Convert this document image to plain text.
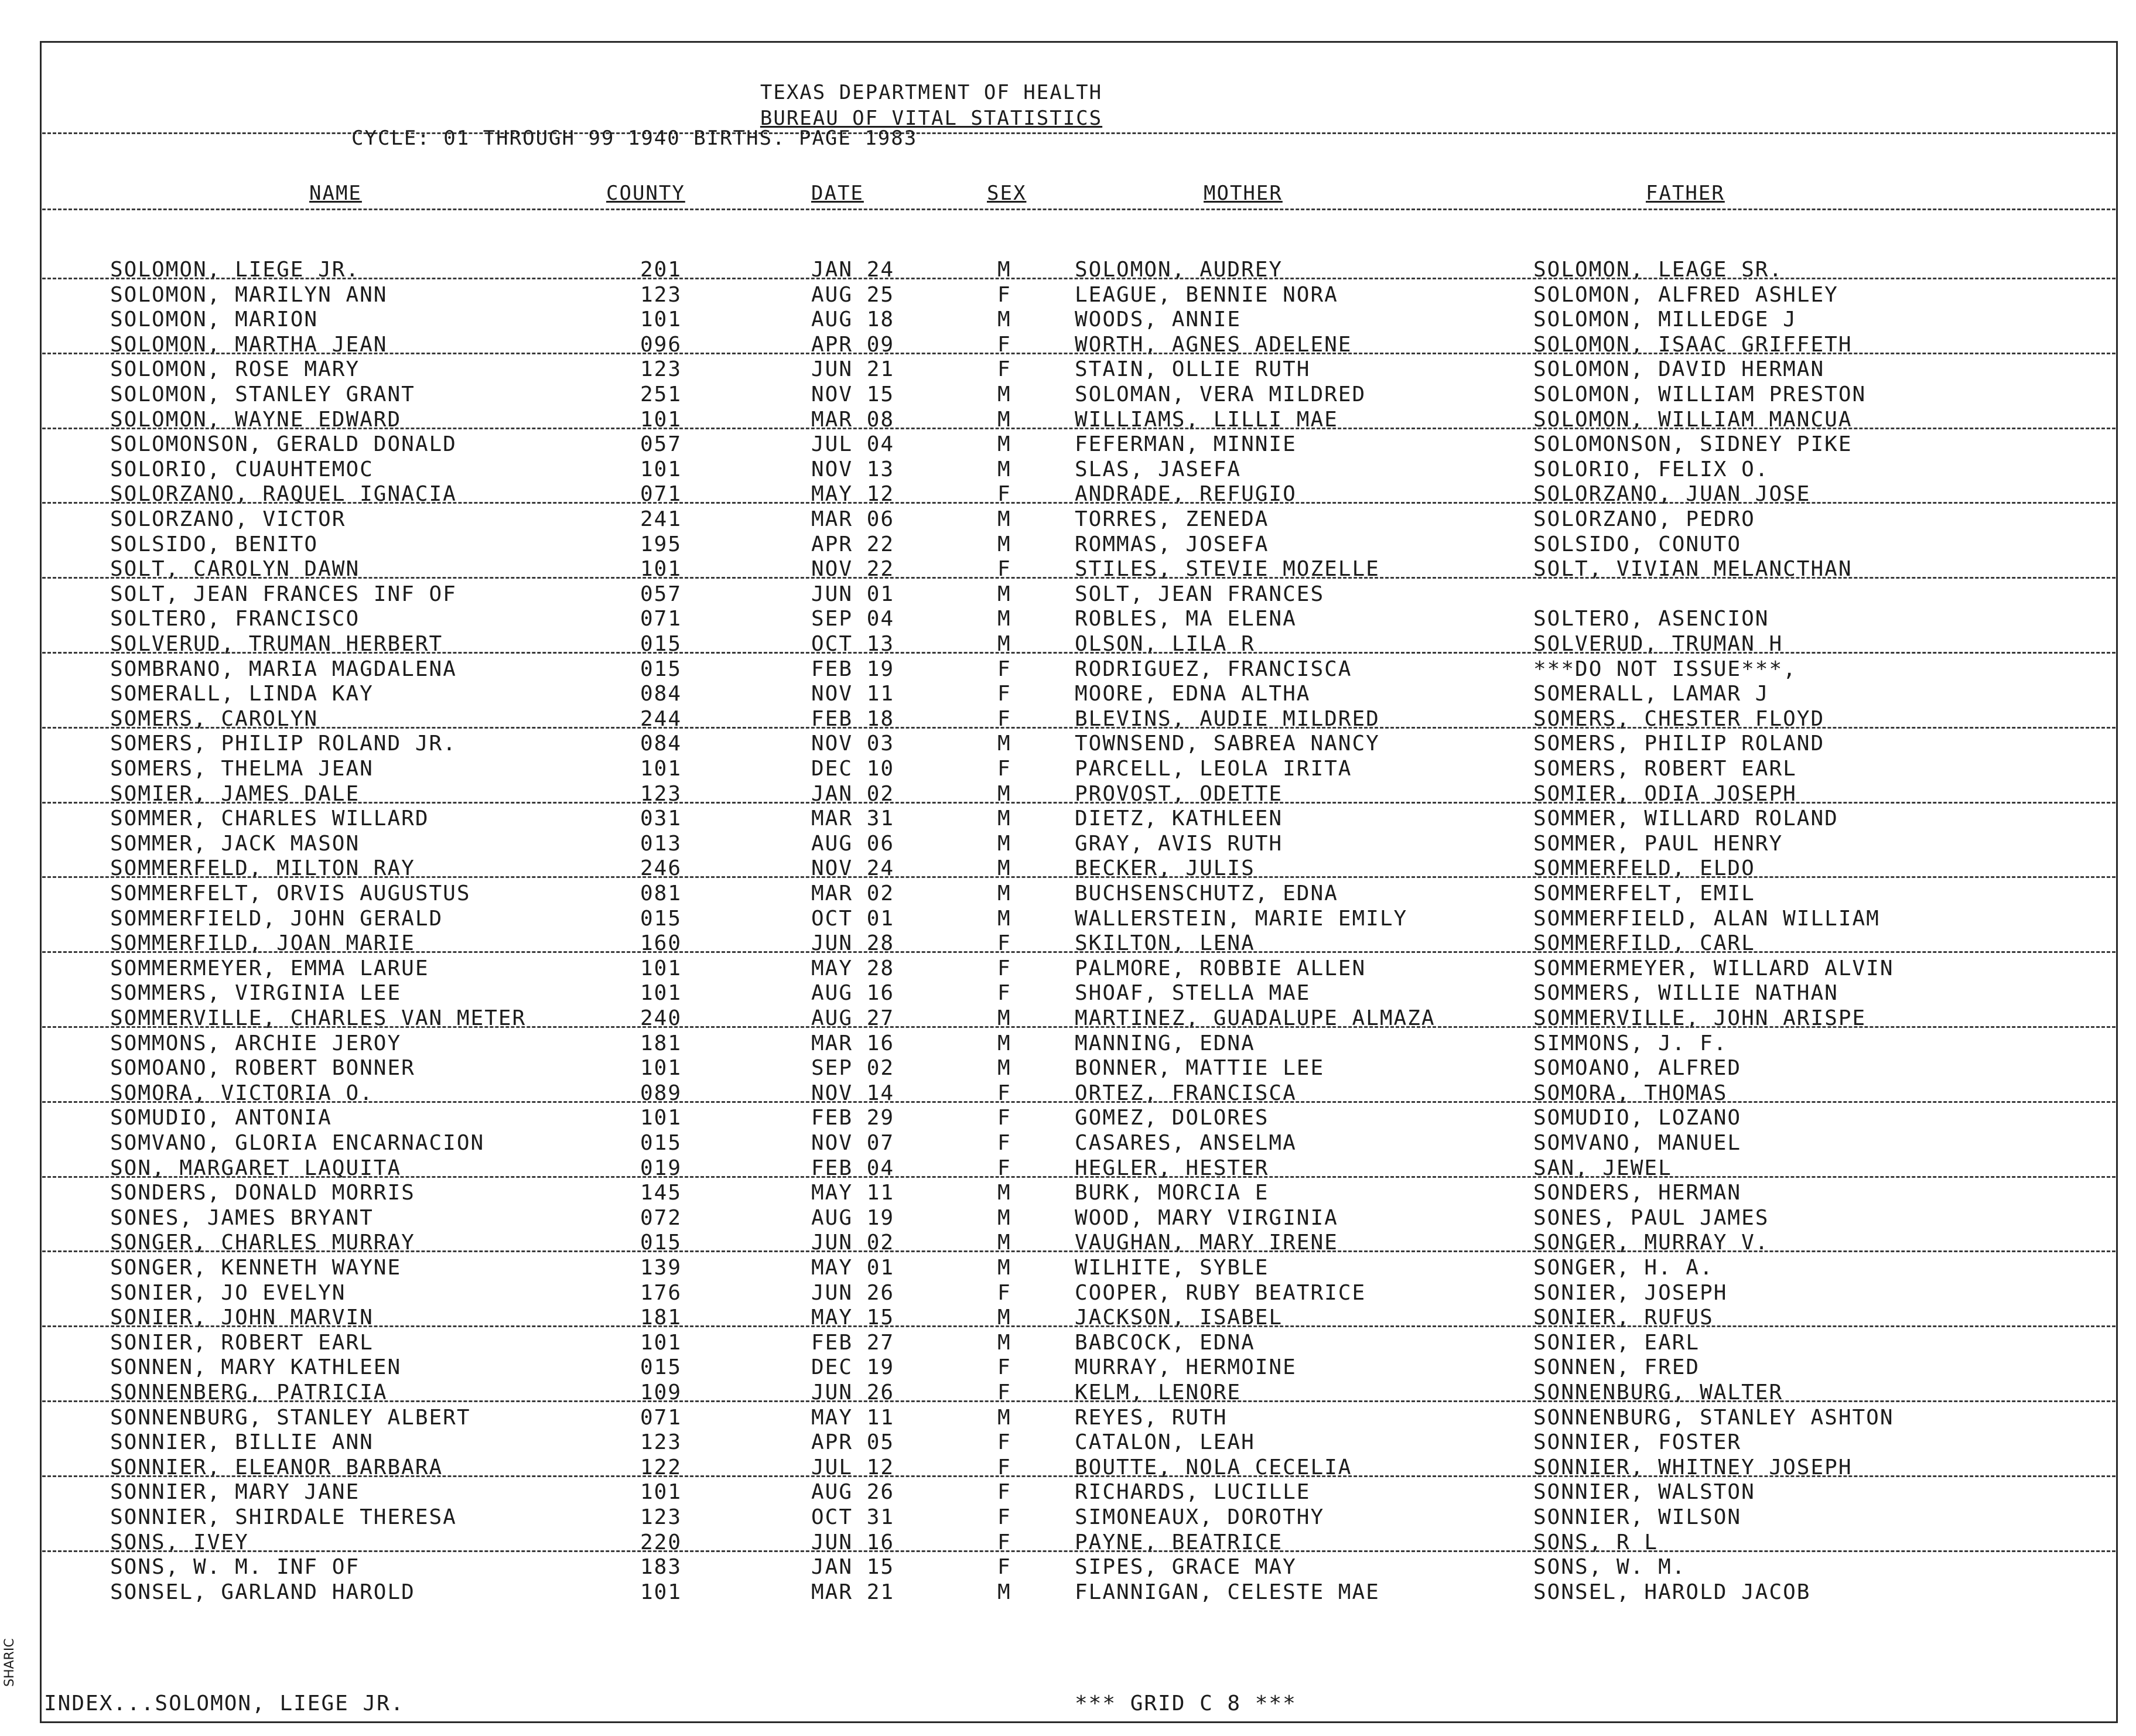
TEXAS DEPARTMENT OF HEALTH
BUREAU OF VITAL STATISTICS
CYCLE: 01 THROUGH 99 1940 BIRTHS. PAGE 1983
NAME	COUNTY	DATE	SEX	MOTHER	FATHER
SOLOMON, LIEGE JR.	201	JAN 24	M	SOLOMON, AUDREY	SOLOMON, LEAGE SR.
SOLOMON, MARILYN ANN	123	AUG 25	F	LEAGUE, BENNIE NORA	SOLOMON, ALFRED ASHLEY
SOLOMON, MARION	101	AUG 18	M	WOODS, ANNIE	SOLOMON, MILLEDGE J
SOLOMON, MARTHA JEAN	096	APR 09	F	WORTH, AGNES ADELENE	SOLOMON, ISAAC GRIFFETH
SOLOMON, ROSE MARY	123	JUN 21	F	STAIN, OLLIE RUTH	SOLOMON, DAVID HERMAN
SOLOMON, STANLEY GRANT	251	NOV 15	M	SOLOMAN, VERA MILDRED	SOLOMON, WILLIAM PRESTON
SOLOMON, WAYNE EDWARD	101	MAR 08	M	WILLIAMS, LILLI MAE	SOLOMON, WILLIAM MANCUA
SOLOMONSON, GERALD DONALD	057	JUL 04	M	FEFERMAN, MINNIE	SOLOMONSON, SIDNEY PIKE
SOLORIO, CUAUHTEMOC	101	NOV 13	M	SLAS, JASEFA	SOLORIO, FELIX O.
SOLORZANO, RAQUEL IGNACIA	071	MAY 12	F	ANDRADE, REFUGIO	SOLORZANO, JUAN JOSE
SOLORZANO, VICTOR	241	MAR 06	M	TORRES, ZENEDA	SOLORZANO, PEDRO
SOLSIDO, BENITO	195	APR 22	M	ROMMAS, JOSEFA	SOLSIDO, CONUTO
SOLT, CAROLYN DAWN	101	NOV 22	F	STILES, STEVIE MOZELLE	SOLT, VIVIAN MELANCTHAN
SOLT, JEAN FRANCES INF OF	057	JUN 01	M	SOLT, JEAN FRANCES
SOLTERO, FRANCISCO	071	SEP 04	M	ROBLES, MA ELENA	SOLTERO, ASENCION
SOLVERUD, TRUMAN HERBERT	015	OCT 13	M	OLSON, LILA R	SOLVERUD, TRUMAN H
SOMBRANO, MARIA MAGDALENA	015	FEB 19	F	RODRIGUEZ, FRANCISCA	***DO NOT ISSUE***,
SOMERALL, LINDA KAY	084	NOV 11	F	MOORE, EDNA ALTHA	SOMERALL, LAMAR J
SOMERS, CAROLYN	244	FEB 18	F	BLEVINS, AUDIE MILDRED	SOMERS, CHESTER FLOYD
SOMERS, PHILIP ROLAND JR.	084	NOV 03	M	TOWNSEND, SABREA NANCY	SOMERS, PHILIP ROLAND
SOMERS, THELMA JEAN	101	DEC 10	F	PARCELL, LEOLA IRITA	SOMERS, ROBERT EARL
SOMIER, JAMES DALE	123	JAN 02	M	PROVOST, ODETTE	SOMIER, ODIA JOSEPH
SOMMER, CHARLES WILLARD	031	MAR 31	M	DIETZ, KATHLEEN	SOMMER, WILLARD ROLAND
SOMMER, JACK MASON	013	AUG 06	M	GRAY, AVIS RUTH	SOMMER, PAUL HENRY
SOMMERFELD, MILTON RAY	246	NOV 24	M	BECKER, JULIS	SOMMERFELD, ELDO
SOMMERFELT, ORVIS AUGUSTUS	081	MAR 02	M	BUCHSENSCHUTZ, EDNA	SOMMERFELT, EMIL
SOMMERFIELD, JOHN GERALD	015	OCT 01	M	WALLERSTEIN, MARIE EMILY	SOMMERFIELD, ALAN WILLIAM
SOMMERFILD, JOAN MARIE	160	JUN 28	F	SKILTON, LENA	SOMMERFILD, CARL
SOMMERMEYER, EMMA LARUE	101	MAY 28	F	PALMORE, ROBBIE ALLEN	SOMMERMEYER, WILLARD ALVIN
SOMMERS, VIRGINIA LEE	101	AUG 16	F	SHOAF, STELLA MAE	SOMMERS, WILLIE NATHAN
SOMMERVILLE, CHARLES VAN METER	240	AUG 27	M	MARTINEZ, GUADALUPE ALMAZA	SOMMERVILLE, JOHN ARISPE
SOMMONS, ARCHIE JEROY	181	MAR 16	M	MANNING, EDNA	SIMMONS, J. F.
SOMOANO, ROBERT BONNER	101	SEP 02	M	BONNER, MATTIE LEE	SOMOANO, ALFRED
SOMORA, VICTORIA O.	089	NOV 14	F	ORTEZ, FRANCISCA	SOMORA, THOMAS
SOMUDIO, ANTONIA	101	FEB 29	F	GOMEZ, DOLORES	SOMUDIO, LOZANO
SOMVANO, GLORIA ENCARNACION	015	NOV 07	F	CASARES, ANSELMA	SOMVANO, MANUEL
SON, MARGARET LAQUITA	019	FEB 04	F	HEGLER, HESTER	SAN, JEWEL
SONDERS, DONALD MORRIS	145	MAY 11	M	BURK, MORCIA E	SONDERS, HERMAN
SONES, JAMES BRYANT	072	AUG 19	M	WOOD, MARY VIRGINIA	SONES, PAUL JAMES
SONGER, CHARLES MURRAY	015	JUN 02	M	VAUGHAN, MARY IRENE	SONGER, MURRAY V.
SONGER, KENNETH WAYNE	139	MAY 01	M	WILHITE, SYBLE	SONGER, H. A.
SONIER, JO EVELYN	176	JUN 26	F	COOPER, RUBY BEATRICE	SONIER, JOSEPH
SONIER, JOHN MARVIN	181	MAY 15	M	JACKSON, ISABEL	SONIER, RUFUS
SONIER, ROBERT EARL	101	FEB 27	M	BABCOCK, EDNA	SONIER, EARL
SONNEN, MARY KATHLEEN	015	DEC 19	F	MURRAY, HERMOINE	SONNEN, FRED
SONNENBERG, PATRICIA	109	JUN 26	F	KELM, LENORE	SONNENBURG, WALTER
SONNENBURG, STANLEY ALBERT	071	MAY 11	M	REYES, RUTH	SONNENBURG, STANLEY ASHTON
SONNIER, BILLIE ANN	123	APR 05	F	CATALON, LEAH	SONNIER, FOSTER
SONNIER, ELEANOR BARBARA	122	JUL 12	F	BOUTTE, NOLA CECELIA	SONNIER, WHITNEY JOSEPH
SONNIER, MARY JANE	101	AUG 26	F	RICHARDS, LUCILLE	SONNIER, WALSTON
SONNIER, SHIRDALE THERESA	123	OCT 31	F	SIMONEAUX, DOROTHY	SONNIER, WILSON
SONS, IVEY	220	JUN 16	F	PAYNE, BEATRICE	SONS, R L
SONS, W. M. INF OF	183	JAN 15	F	SIPES, GRACE MAY	SONS, W. M.
SONSEL, GARLAND HAROLD	101	MAR 21	M	FLANNIGAN, CELESTE MAE	SONSEL, HAROLD JACOB
INDEX...SOLOMON, LIEGE JR.	*** GRID C 8 ***
SHARIC
